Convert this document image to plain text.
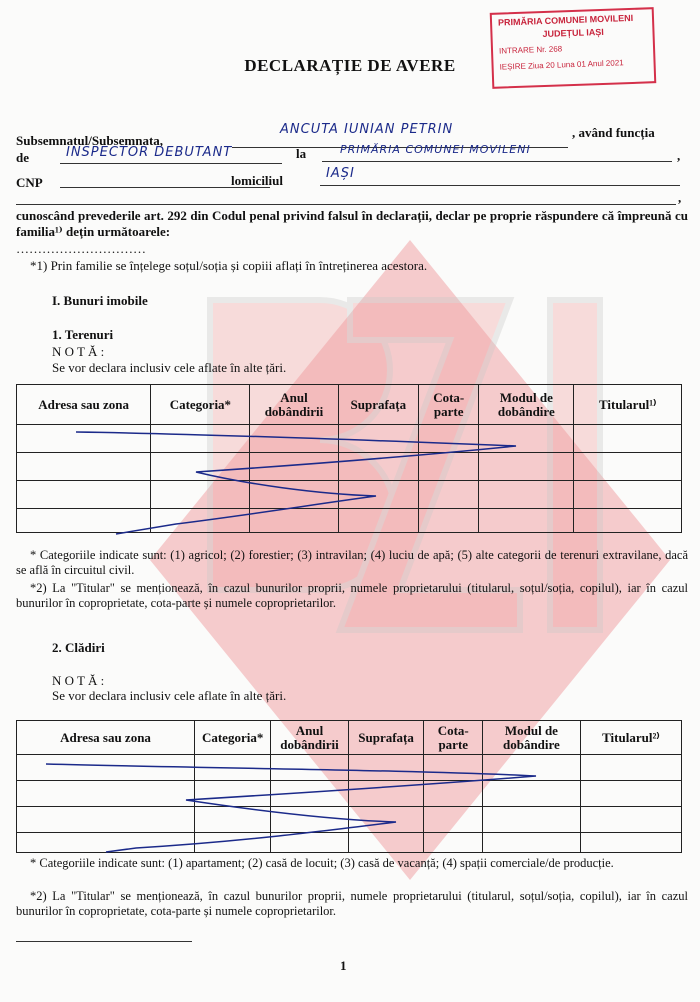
PRIMĂRIA COMUNEI MOVILENI
JUDEȚUL IAȘI
INTRARE Nr. 268
IEȘIRE Ziua 20 Luna 01 Anul 2021
DECLARAȚIE DE AVERE
Subsemnatul/Subsemnata,
ANCUTA IUNIAN PETRIN	, având funcția
de	INSPECTOR DEBUTANT	la	PRIMĂRIA COMUNEI MOVILENI	,
CNP	lomiciliul	IAȘI
,
cunoscând prevederile art. 292 din Codul penal privind falsul în declarații, declar pe proprie răspundere că împreună cu familia¹⁾ dețin următoarele:
…………………………
*1) Prin familie se înțelege soțul/soția și copiii aflați în întreținerea acestora.
I. Bunuri imobile
1. Terenuri
N O T Ă :
Se vor declara inclusiv cele aflate în alte țări.
Adresa sau zona	Categoria*	Anul dobândirii	Suprafața	Cota-parte	Modul de dobândire	Titularul¹⁾

* Categoriile indicate sunt: (1) agricol; (2) forestier; (3) intravilan; (4) luciu de apă; (5) alte categorii de terenuri extravilane, dacă se află în circuitul civil.
*2) La "Titular" se menționează, în cazul bunurilor proprii, numele proprietarului (titularul, soțul/soția, copilul), iar în cazul bunurilor în coproprietate, cota-parte și numele coproprietarilor.
2. Clădiri
N O T Ă :
Se vor declara inclusiv cele aflate în alte țări.
Adresa sau zona	Categoria*	Anul dobândirii	Suprafața	Cota-parte	Modul de dobândire	Titularul²⁾

* Categoriile indicate sunt: (1) apartament; (2) casă de locuit; (3) casă de vacanță; (4) spații comerciale/de producție.
*2) La "Titular" se menționează, în cazul bunurilor proprii, numele proprietarului (titularul, soțul/soția, copilul), iar în cazul bunurilor în coproprietate, cota-parte și numele coproprietarilor.
1
